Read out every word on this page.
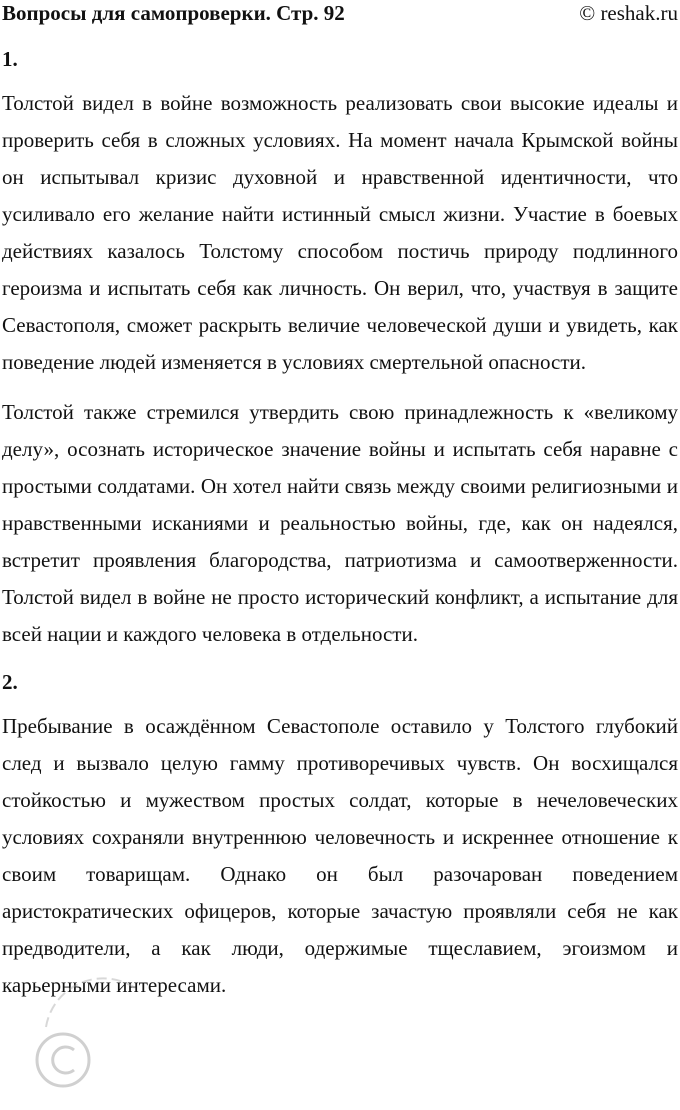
Вопросы для самопроверки. Стр. 92	© reshak.ru
1.

Толстой видел в войне возможность реализовать свои высокие идеалы и проверить себя в сложных условиях. На момент начала Крымской войны он испытывал кризис духовной и нравственной идентичности, что усиливало его желание найти истинный смысл жизни. Участие в боевых действиях казалось Толстому способом постичь природу подлинного героизма и испытать себя как личность. Он верил, что, участвуя в защите Севастополя, сможет раскрыть величие человеческой души и увидеть, как поведение людей изменяется в условиях смертельной опасности.

Толстой также стремился утвердить свою принадлежность к «великому делу», осознать историческое значение войны и испытать себя наравне с простыми солдатами. Он хотел найти связь между своими религиозными и нравственными исканиями и реальностью войны, где, как он надеялся, встретит проявления благородства, патриотизма и самоотверженности. Толстой видел в войне не просто исторический конфликт, а испытание для всей нации и каждого человека в отдельности.

2.

Пребывание в осаждённом Севастополе оставило у Толстого глубокий след и вызвало целую гамму противоречивых чувств. Он восхищался стойкостью и мужеством простых солдат, которые в нечеловеческих условиях сохраняли внутреннюю человечность и искреннее отношение к своим товарищам. Однако он был разочарован поведением аристократических офицеров, которые зачастую проявляли себя не как предводители, а как люди, одержимые тщеславием, эгоизмом и карьерными интересами.
